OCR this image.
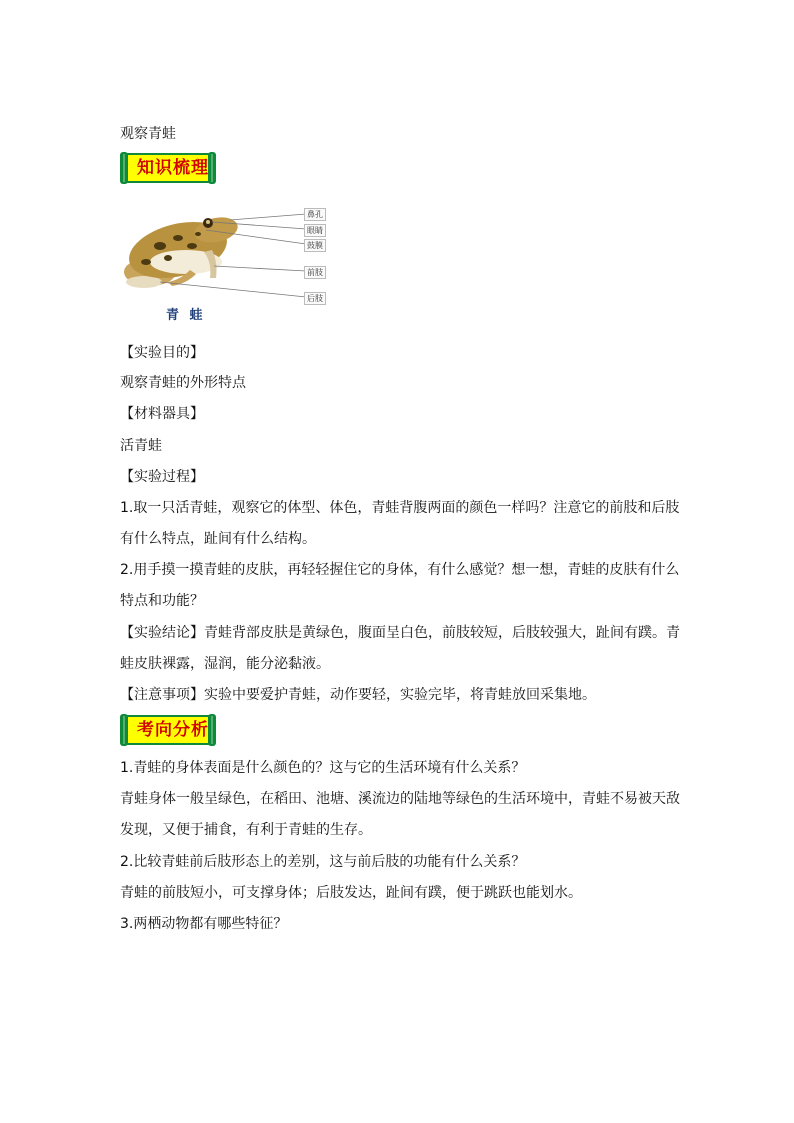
观察青蛙
知识梳理
鼻孔
眼睛
鼓膜
前肢
后肢
青 蛙
【实验目的】
观察青蛙的外形特点
【材料器具】
活青蛙
【实验过程】
1.取一只活青蛙，观察它的体型、体色，青蛙背腹两面的颜色一样吗？注意它的前肢和后肢
有什么特点，趾间有什么结构。
2.用手摸一摸青蛙的皮肤，再轻轻握住它的身体，有什么感觉？想一想，青蛙的皮肤有什么
特点和功能？
【实验结论】青蛙背部皮肤是黄绿色，腹面呈白色，前肢较短，后肢较强大，趾间有蹼。青
蛙皮肤裸露，湿润，能分泌黏液。
【注意事项】实验中要爱护青蛙，动作要轻，实验完毕，将青蛙放回采集地。
考向分析
1.青蛙的身体表面是什么颜色的？这与它的生活环境有什么关系？
青蛙身体一般呈绿色，在稻田、池塘、溪流边的陆地等绿色的生活环境中，青蛙不易被天敌
发现，又便于捕食，有利于青蛙的生存。
2.比较青蛙前后肢形态上的差别，这与前后肢的功能有什么关系？
青蛙的前肢短小，可支撑身体；后肢发达，趾间有蹼，便于跳跃也能划水。
3.两栖动物都有哪些特征？
